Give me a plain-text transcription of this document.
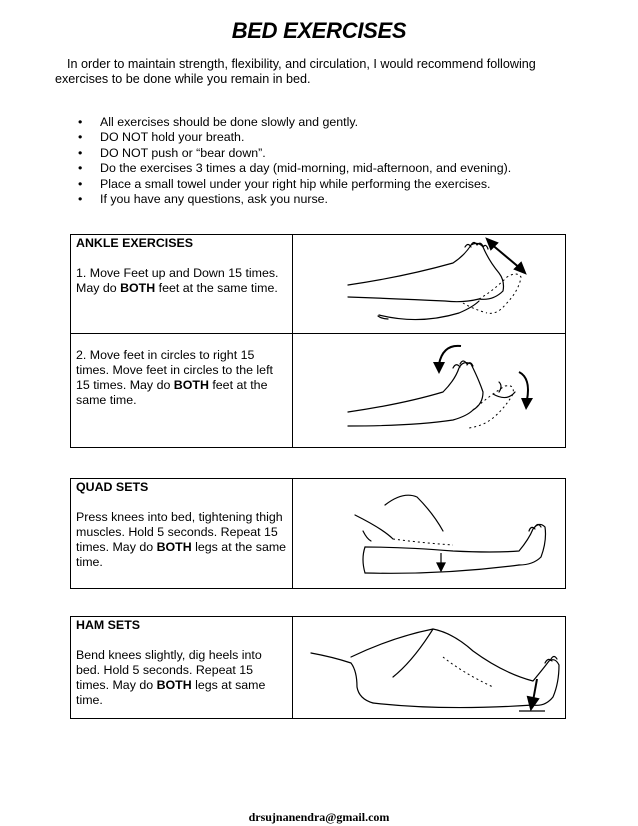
BED EXERCISES
In order to maintain strength, flexibility, and circulation, I would recommend following exercises to be done while you remain in bed.
• All exercises should be done slowly and gently.
• DO NOT hold your breath.
• DO NOT push or “bear down”.
• Do the exercises 3 times a day (mid-morning, mid-afternoon, and evening).
• Place a small towel under your right hip while performing the exercises.
• If you have any questions, ask you nurse.
ANKLE EXERCISES
1. Move Feet up and Down 15 times. May do BOTH feet at the same time.	

2. Move feet in circles to right 15 times. Move feet in circles to the left 15 times. May do BOTH feet at the same time.	
QUAD SETS
Press knees into bed, tightening thigh muscles. Hold 5 seconds. Repeat 15 times. May do BOTH legs at the same time.	
HAM SETS
Bend knees slightly, dig heels into bed. Hold 5 seconds. Repeat 15 times. May do BOTH legs at same time.	
drsujnanendra@gmail.com
